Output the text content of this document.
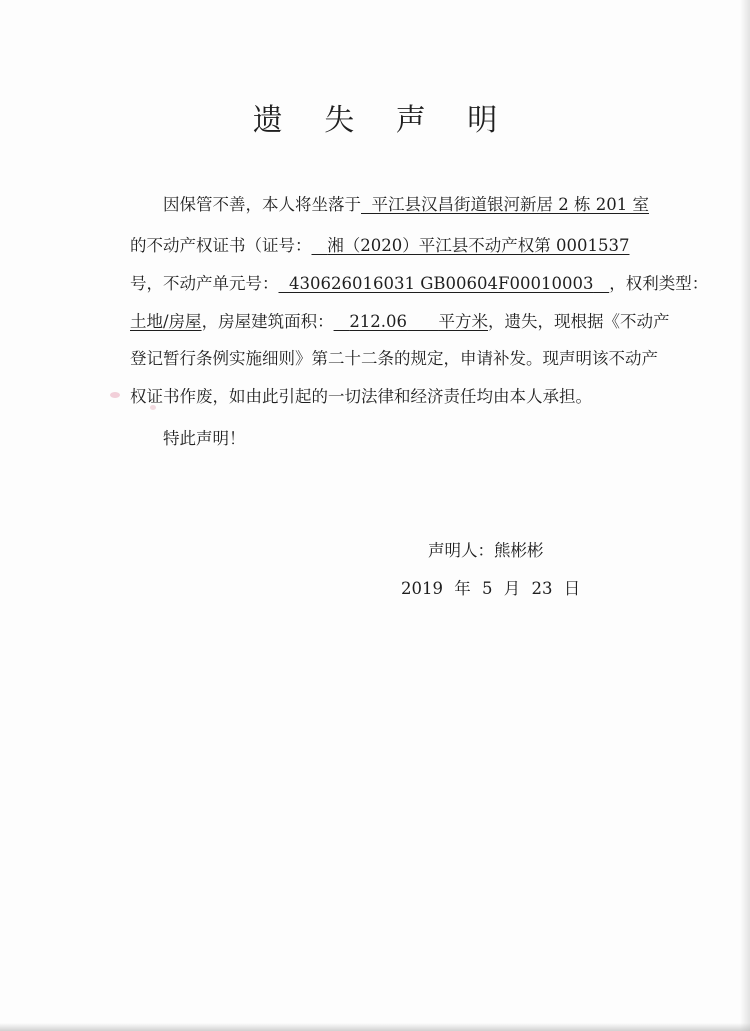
遗 失 声 明
因保管不善，本人将坐落于 平江县汉昌街道银河新居 2 栋 201 室
的不动产权证书（证号： 湘（2020）平江县不动产权第 0001537
号，不动产单元号： 430626016031 GB00604F00010003 ，权利类型：
土地/房屋，房屋建筑面积： 212.06 平方米，遗失，现根据《不动产
登记暂行条例实施细则》第二十二条的规定，申请补发。现声明该不动产
权证书作废，如由此引起的一切法律和经济责任均由本人承担。
特此声明！
声明人：熊彬彬
2019 年 5 月 23 日
